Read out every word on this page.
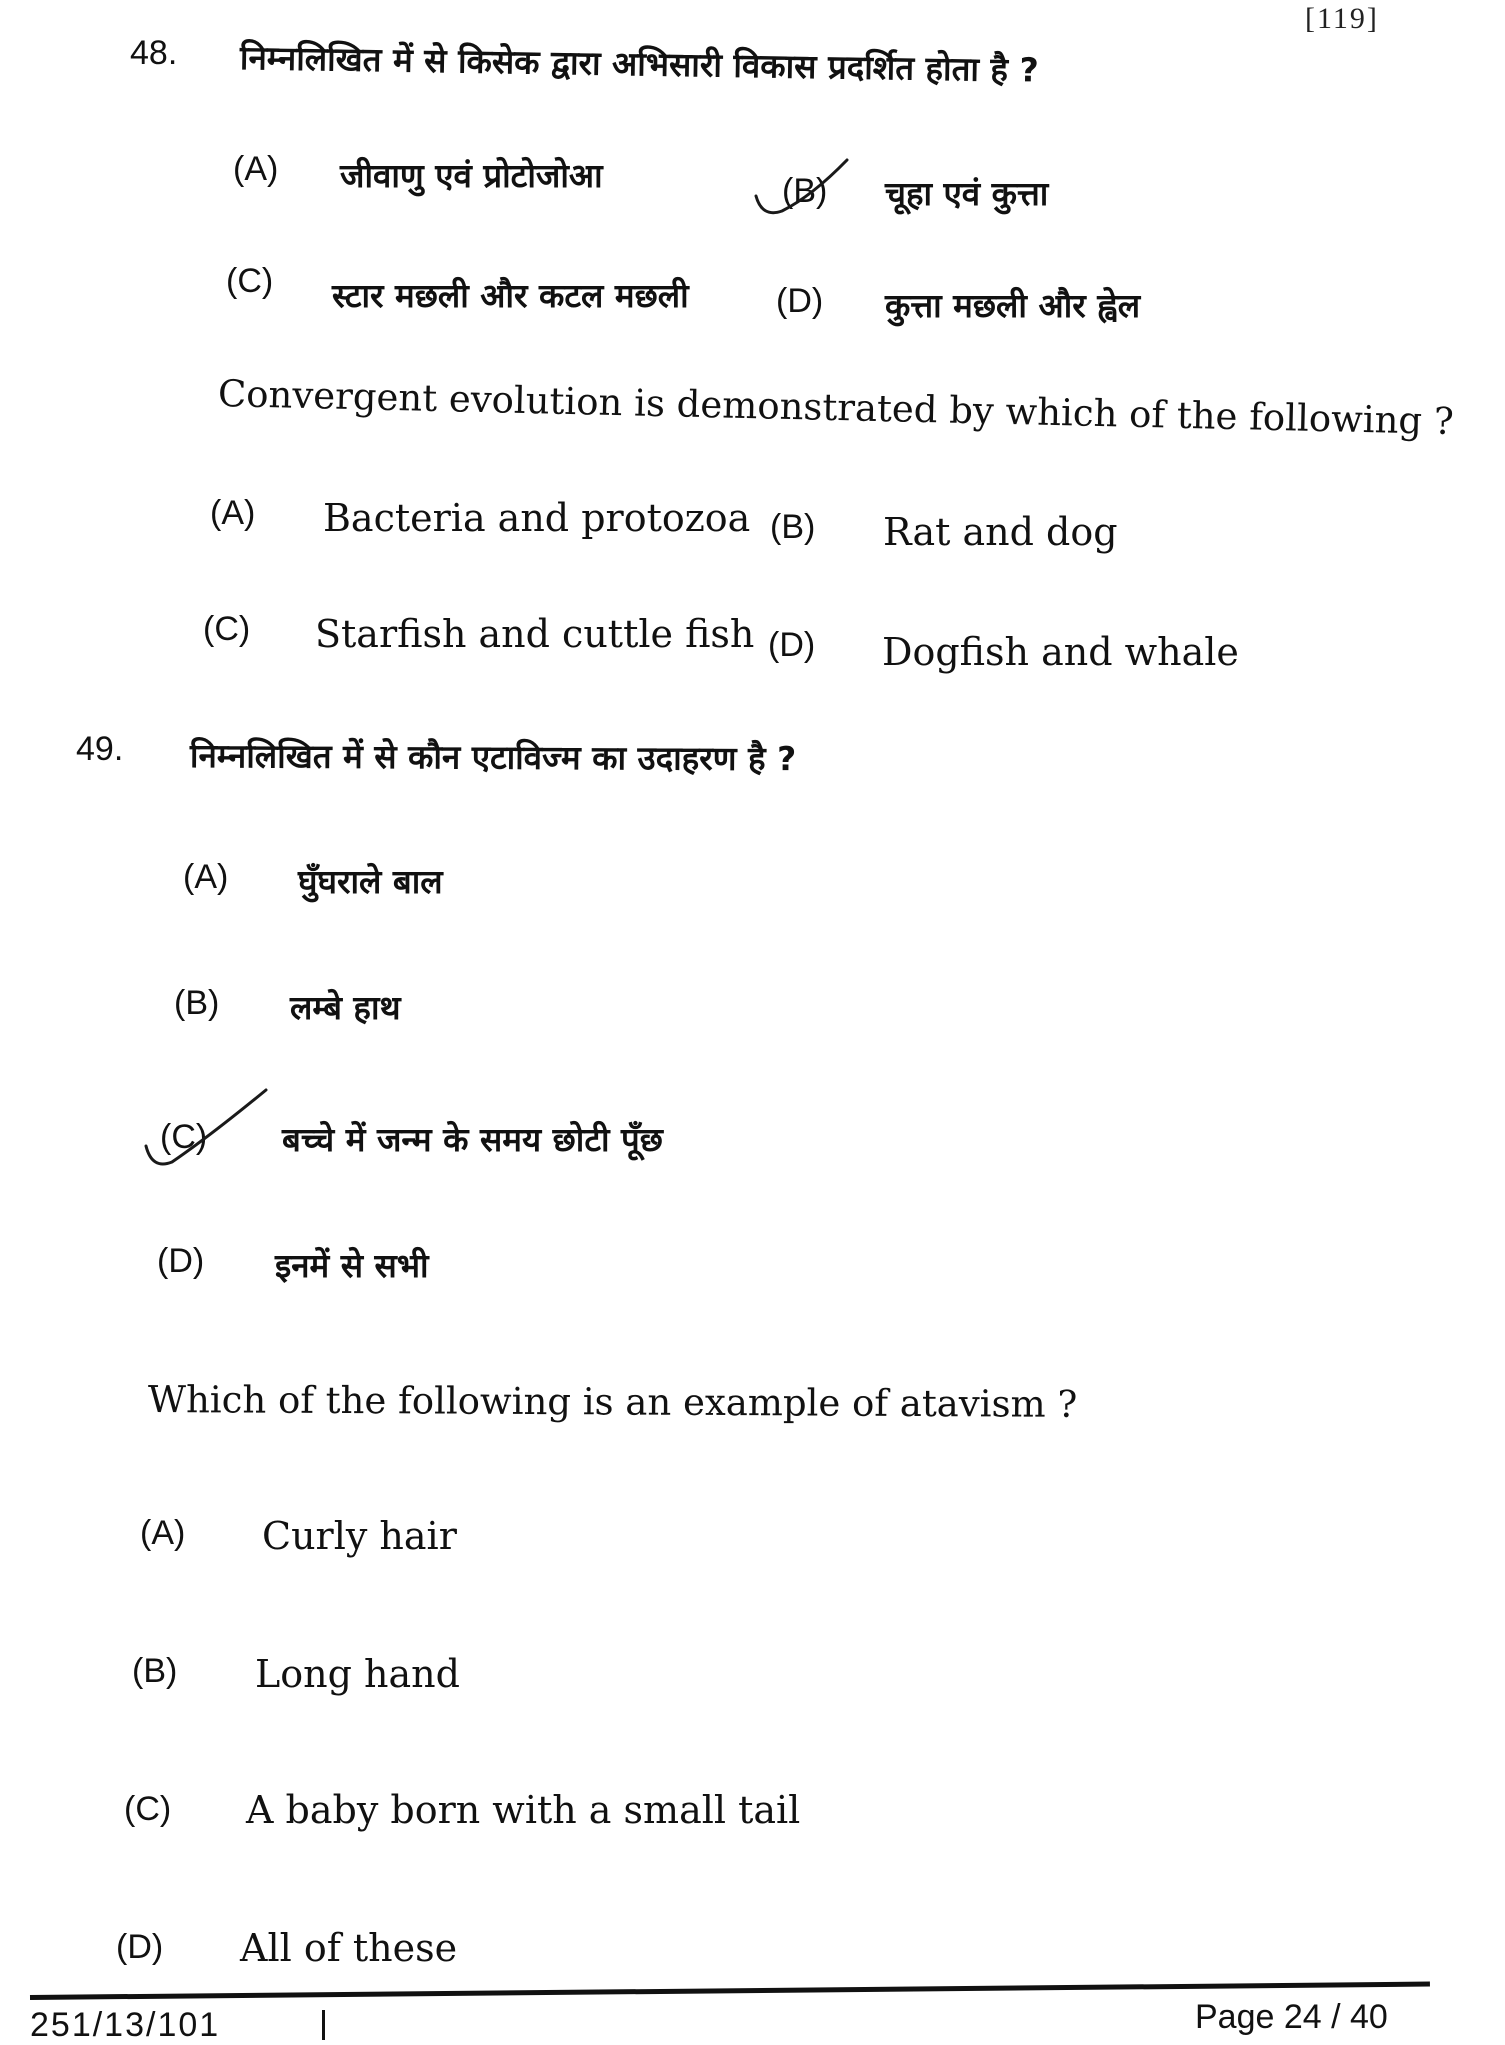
[119]
48. निम्नलिखित में से किसेक द्वारा अभिसारी विकास प्रदर्शित होता है ?
(A) जीवाणु एवं प्रोटोजोआ	(B) चूहा एवं कुत्ता
(C) स्टार मछली और कटल मछली	(D) कुत्ता मछली और ह्वेल
Convergent evolution is demonstrated by which of the following ?
(A) Bacteria and protozoa (B) Rat and dog
(C) Starfish and cuttle fish (D) Dogfish and whale
49. निम्नलिखित में से कौन एटाविज्म का उदाहरण है ?
(A) घुँघराले बाल
(B) लम्बे हाथ
(C) बच्चे में जन्म के समय छोटी पूँछ
(D) इनमें से सभी
Which of the following is an example of atavism ?
(A) Curly hair
(B) Long hand
(C) A baby born with a small tail
(D) All of these
251/13/101	Page 24 / 40
